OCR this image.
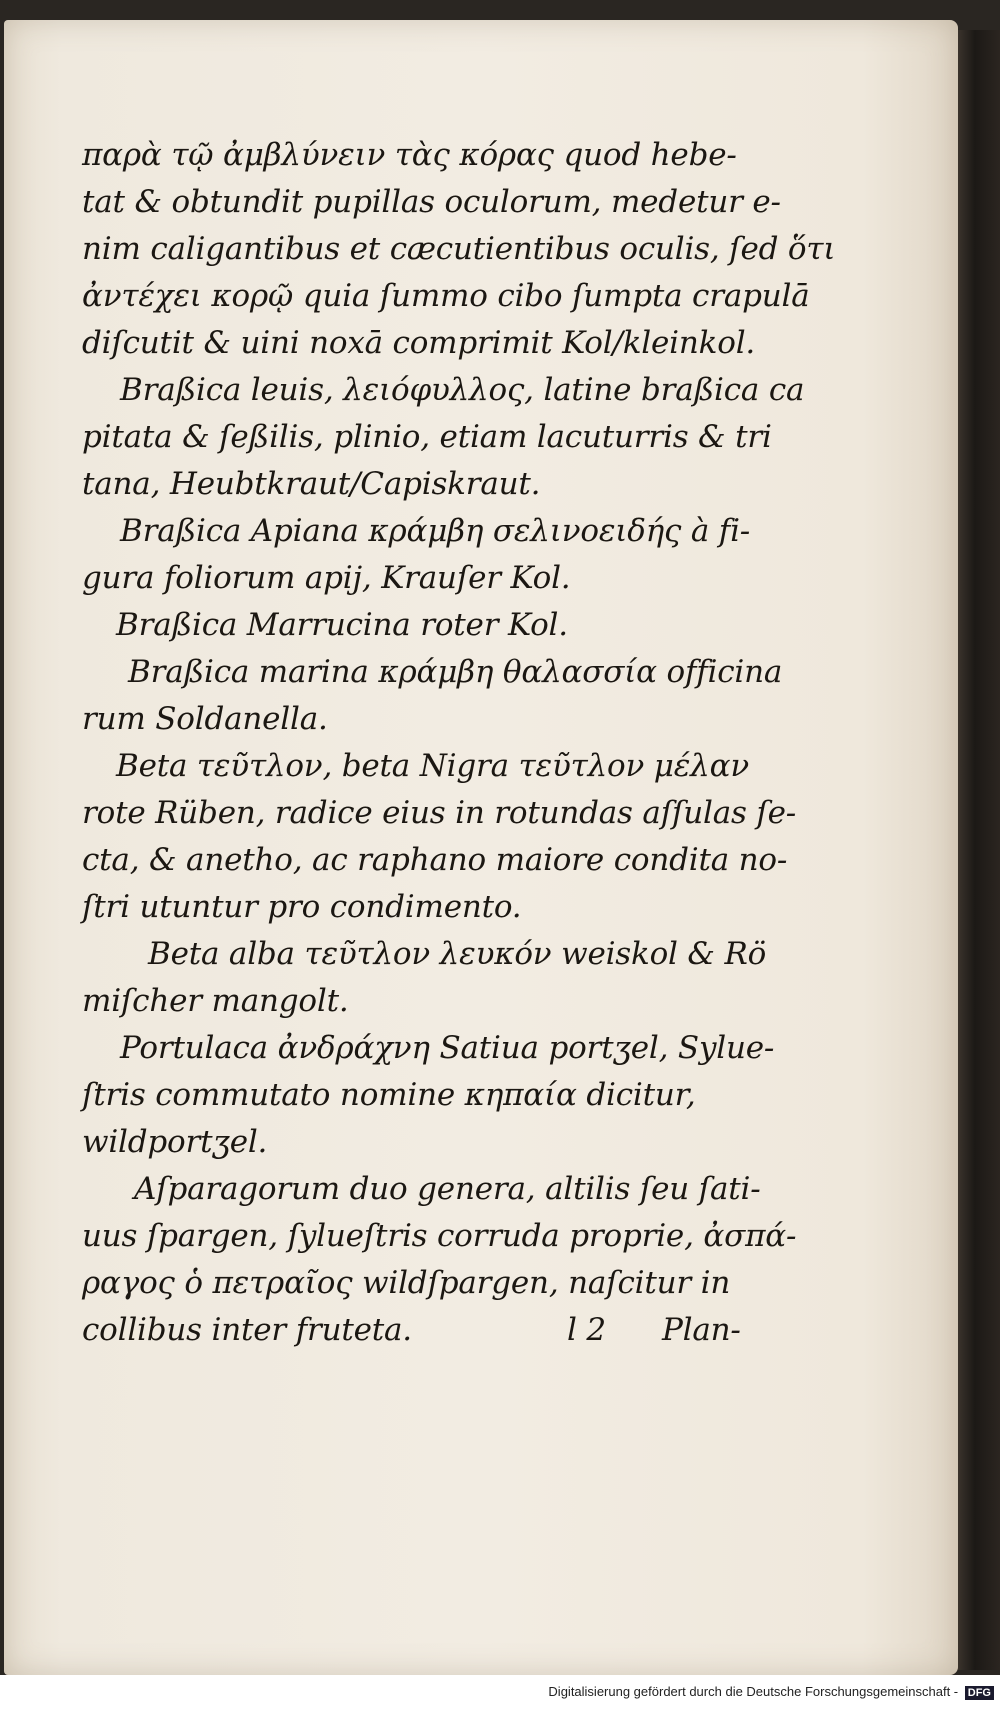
παρὰ τῷ ἀμβλύνειν τὰς κόρας quod hebe-
tat & obtundit pupillas oculorum, medetur e-
nim caligantibus et cæcutientibus oculis, ſed ὅτι
ἀντέχει κορῷ quia ſummo cibo ſumpta crapulā
diſcutit & uini noxā comprimit Kol/kleinkol.
Braßica leuis, λειόφυλλος, latine braßica ca
pitata & ſeßilis, plinio, etiam lacuturris & tri
tana, Heubtkraut/Capiskraut.
Braßica Apiana κράμβη σελινοειδής à fi-
gura foliorum apij, Krauſer Kol.
Braßica Marrucina roter Kol.
Braßica marina κράμβη θαλασσία officina
rum Soldanella.
Beta τεῦτλον, beta Nigra τεῦτλον μέλαν
rote Rüben, radice eius in rotundas aſſulas ſe-
cta, & anetho, ac raphano maiore condita no-
ſtri utuntur pro condimento.
Beta alba τεῦτλον λευκόν weiskol & Rö
miſcher mangolt.
Portulaca ἀνδράχνη Satiua portʒel, Sylue-
ſtris commutato nomine κηπαία dicitur,
wildportʒel.
Aſparagorum duo genera, altilis ſeu ſati-
uus ſpargen, ſylueſtris corruda proprie, ἀσπά-
ραγος ὁ πετραῖος wildſpargen, naſcitur in
collibus inter fruteta.	l 2 Plan-
Digitalisierung gefördert durch die Deutsche Forschungsgemeinschaft - DFG
